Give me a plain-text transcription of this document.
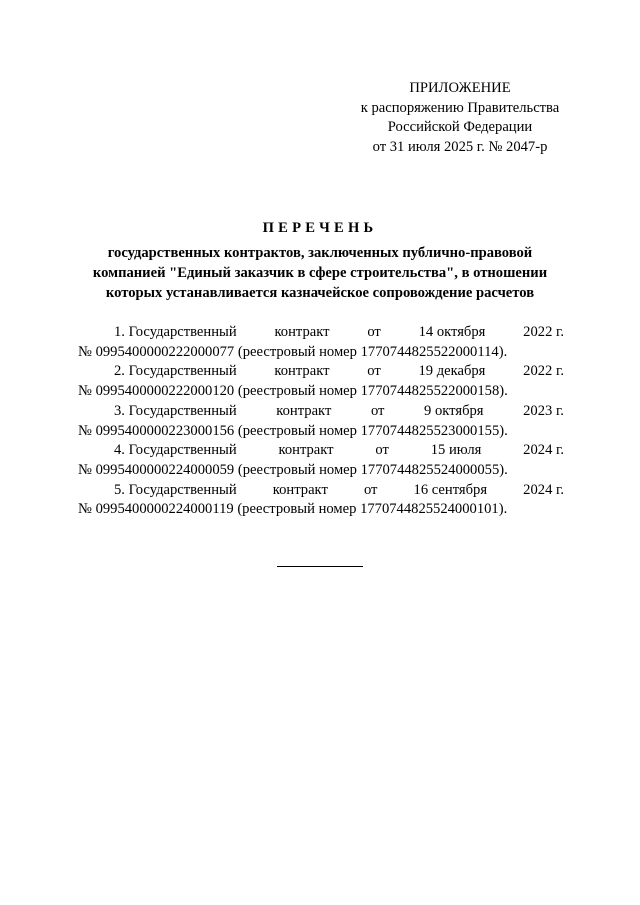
ПРИЛОЖЕНИЕ
к распоряжению Правительства
Российской Федерации
от 31 июля 2025 г. № 2047-р
ПЕРЕЧЕНЬ
государственных контрактов, заключенных публично-правовой
компанией "Единый заказчик в сфере строительства", в отношении
которых устанавливается казначейское сопровождение расчетов
1. Государственный	контракт	от	14 октября	2022 г.
№ 0995400000222000077 (реестровый номер 1770744825522000114).
2. Государственный	контракт	от	19 декабря	2022 г.
№ 0995400000222000120 (реестровый номер 1770744825522000158).
3. Государственный	контракт	от	9 октября	2023 г.
№ 0995400000223000156 (реестровый номер 1770744825523000155).
4. Государственный	контракт	от	15 июля	2024 г.
№ 0995400000224000059 (реестровый номер 1770744825524000055).
5. Государственный контракт от 16 сентября 2024 г.
№ 0995400000224000119 (реестровый номер 1770744825524000101).
